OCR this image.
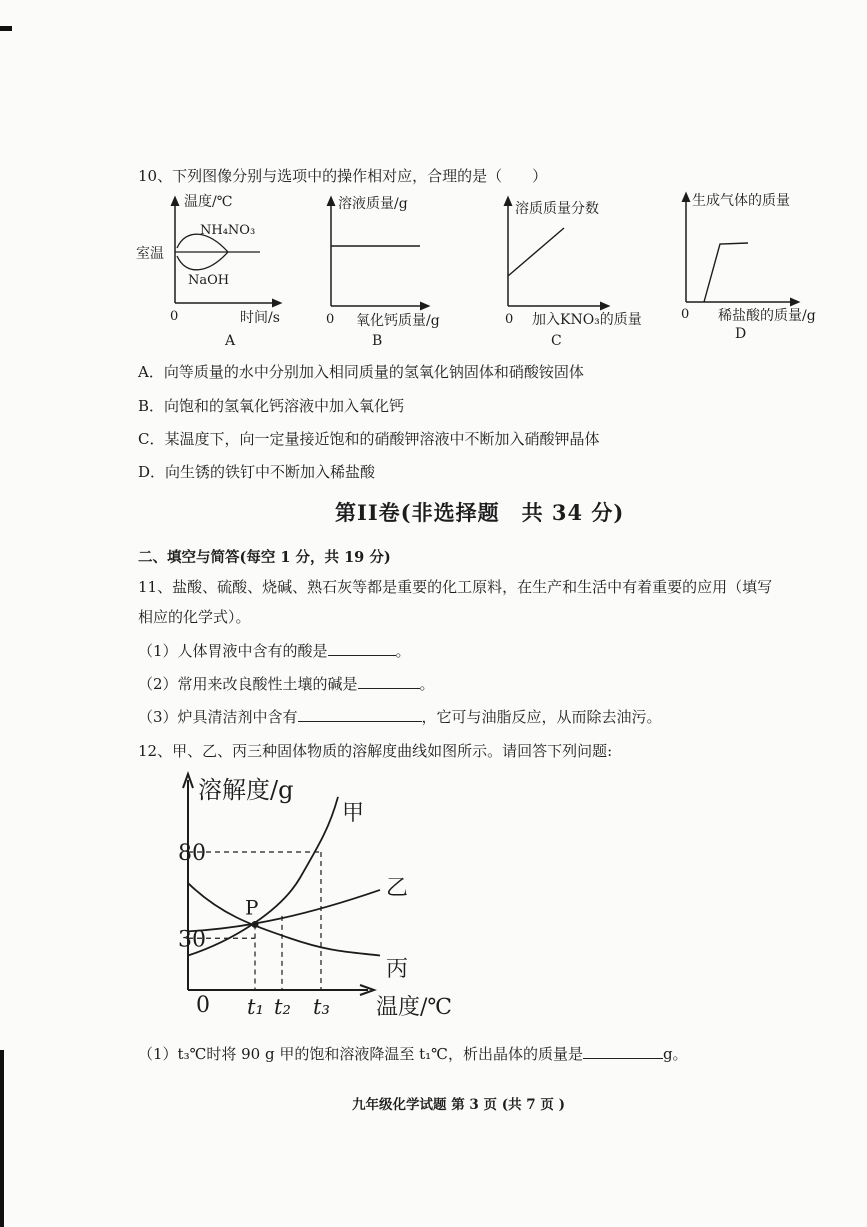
10、下列图像分别与选项中的操作相对应，合理的是（　　）
温度/℃
NH₄NO₃
NaOH
室温
0	时间/s
A
溶液质量/g
0 氧化钙质量/g
B
溶质质量分数
0 加入KNO₃的质量
C
生成气体的质量
0 稀盐酸的质量/g
D
A．向等质量的水中分别加入相同质量的氢氧化钠固体和硝酸铵固体
B．向饱和的氢氧化钙溶液中加入氧化钙
C．某温度下，向一定量接近饱和的硝酸钾溶液中不断加入硝酸钾晶体
D．向生锈的铁钉中不断加入稀盐酸
第II卷(非选择题　共 34 分)
二、填空与简答(每空 1 分，共 19 分)
11、盐酸、硫酸、烧碱、熟石灰等都是重要的化工原料，在生产和生活中有着重要的应用（填写
相应的化学式）。
（1）人体胃液中含有的酸是	。
（2）常用来改良酸性土壤的碱是	。
（3）炉具清洁剂中含有	，它可与油脂反应，从而除去油污。
12、甲、乙、丙三种固体物质的溶解度曲线如图所示。请回答下列问题:
溶解度/g
温度/℃
0
80
30
t₁ t₂ t₃
甲
乙
丙
P
（1）t₃℃时将 90 g 甲的饱和溶液降温至 t₁℃，析出晶体的质量是	g。
九年级化学试题 第 3 页 (共 7 页 )
